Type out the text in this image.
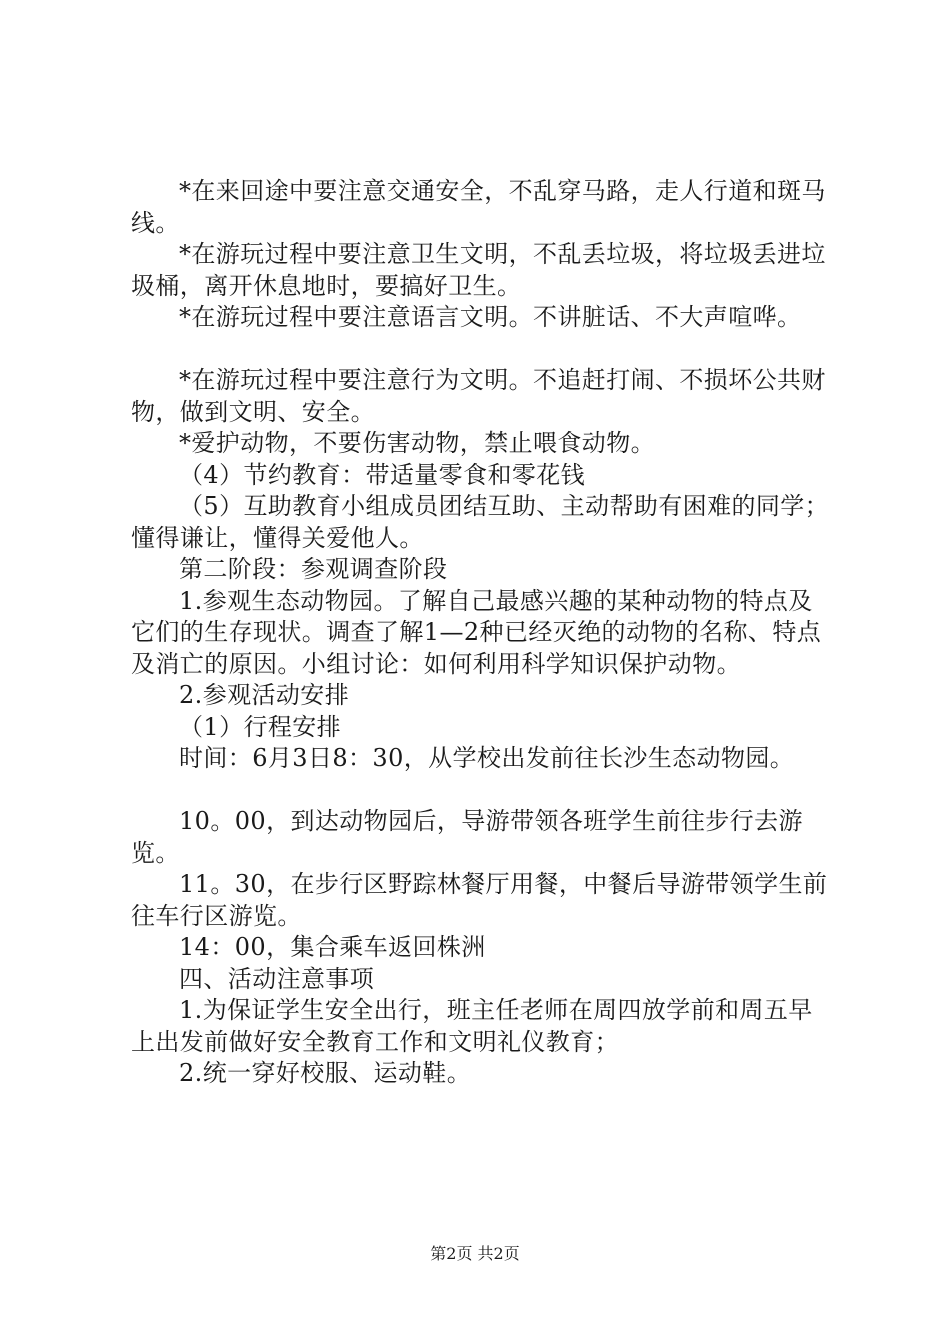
*在来回途中要注意交通安全，不乱穿马路，走人行道和斑马线。

*在游玩过程中要注意卫生文明，不乱丢垃圾，将垃圾丢进垃圾桶，离开休息地时，要搞好卫生。

*在游玩过程中要注意语言文明。不讲脏话、不大声喧哗。

*在游玩过程中要注意行为文明。不追赶打闹、不损坏公共财物，做到文明、安全。

*爱护动物，不要伤害动物，禁止喂食动物。

（4）节约教育：带适量零食和零花钱

（5）互助教育小组成员团结互助、主动帮助有困难的同学；懂得谦让，懂得关爱他人。

第二阶段：参观调查阶段

1.参观生态动物园。了解自己最感兴趣的某种动物的特点及它们的生存现状。调查了解1—2种已经灭绝的动物的名称、特点及消亡的原因。小组讨论：如何利用科学知识保护动物。

2.参观活动安排

（1）行程安排

时间：6月3日8：30，从学校出发前往长沙生态动物园。

10。00，到达动物园后，导游带领各班学生前往步行去游览。

11。30，在步行区野踪林餐厅用餐，中餐后导游带领学生前往车行区游览。

14：00，集合乘车返回株洲

四、活动注意事项

1.为保证学生安全出行，班主任老师在周四放学前和周五早上出发前做好安全教育工作和文明礼仪教育；

2.统一穿好校服、运动鞋。

第2页 共2页
